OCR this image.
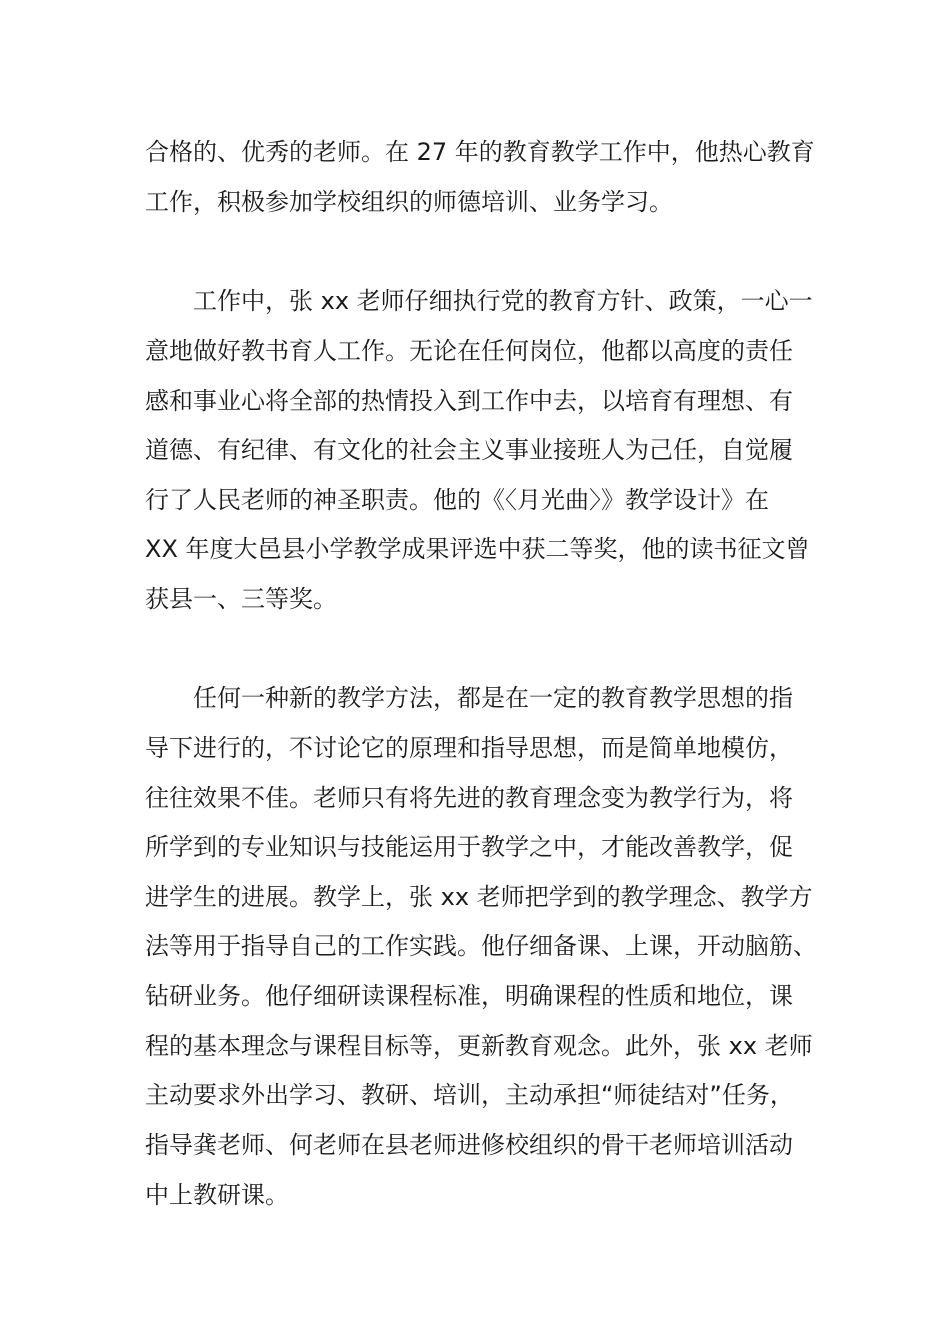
合格的、优秀的老师。在 27 年的教育教学工作中，他热心教育
工作，积极参加学校组织的师德培训、业务学习。
工作中，张 xx 老师仔细执行党的教育方针、政策，一心一
意地做好教书育人工作。无论在任何岗位，他都以高度的责任
感和事业心将全部的热情投入到工作中去，以培育有理想、有
道德、有纪律、有文化的社会主义事业接班人为己任，自觉履
行了人民老师的神圣职责。他的《〈月光曲〉》教学设计》在
XX 年度大邑县小学教学成果评选中获二等奖，他的读书征文曾
获县一、三等奖。
任何一种新的教学方法，都是在一定的教育教学思想的指
导下进行的，不讨论它的原理和指导思想，而是简单地模仿，
往往效果不佳。老师只有将先进的教育理念变为教学行为，将
所学到的专业知识与技能运用于教学之中，才能改善教学，促
进学生的进展。教学上，张 xx 老师把学到的教学理念、教学方
法等用于指导自己的工作实践。他仔细备课、上课，开动脑筋、
钻研业务。他仔细研读课程标准，明确课程的性质和地位，课
程的基本理念与课程目标等，更新教育观念。此外，张 xx 老师
主动要求外出学习、教研、培训，主动承担“师徒结对”任务，
指导龚老师、何老师在县老师进修校组织的骨干老师培训活动
中上教研课。
